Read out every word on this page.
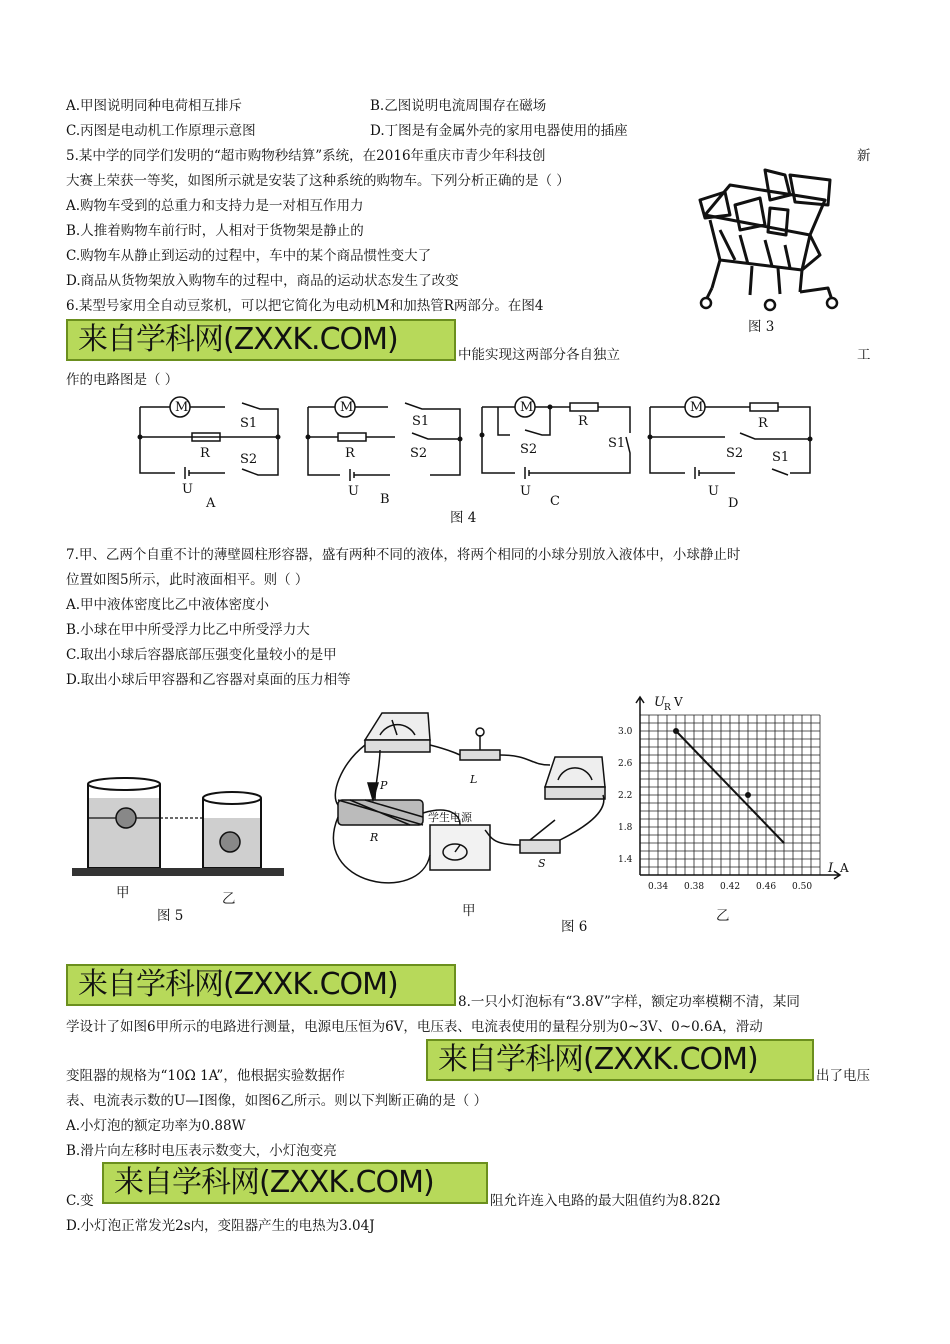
A.甲图说明同种电荷相互排斥	B.乙图说明电流周围存在磁场
C.丙图是电动机工作原理示意图	D.丁图是有金属外壳的家用电器使用的插座
5.某中学的同学们发明的“超市购物秒结算”系统，在2016年重庆市青少年科技创	新
大赛上荣获一等奖，如图所示就是安装了这种系统的购物车。下列分析正确的是（ ）
A.购物车受到的总重力和支持力是一对相互作用力
B.人推着购物车前行时，人相对于货物架是静止的
C.购物车从静止到运动的过程中，车中的某个商品惯性变大了
D.商品从货物架放入购物车的过程中，商品的运动状态发生了改变
图 3
6.某型号家用全自动豆浆机，可以把它简化为电动机M和加热管R两部分。在图4
来自学科网(ZXXK.COM)	中能实现这两部分各自独立	工
作的电路图是（ ）
M
S1
R S2
U
A
M
S1
R	S2
U
B
M
R
S2	S1
U
C
M
R
S2 S1
U
D
图 4
7.甲、乙两个自重不计的薄壁圆柱形容器，盛有两种不同的液体，将两个相同的小球分别放入液体中，小球静止时
位置如图5所示，此时液面相平。则（ ）
A.甲中液体密度比乙中液体密度小
B.小球在甲中所受浮力比乙中所受浮力大
C.取出小球后容器底部压强变化量较小的是甲
D.取出小球后甲容器和乙容器对桌面的压力相等
甲	乙
图 5
P
R
L
S
学生电源
甲
图 6
0.34 0.38 0.42 0.46 0.50
1.4
1.8
2.2
2.6
3.0
U R V
I A
乙
来自学科网(ZXXK.COM)	8.一只小灯泡标有“3.8V”字样，额定功率模糊不清，某同
学设计了如图6甲所示的电路进行测量，电源电压恒为6V，电压表、电流表使用的量程分别为0~3V、0~0.6A，滑动
变阻器的规格为“10Ω 1A”，他根据实验数据作	来自学科网(ZXXK.COM)	出了电压
表、电流表示数的U—I图像，如图6乙所示。则以下判断正确的是（ ）
A.小灯泡的额定功率为0.88W
B.滑片向左移时电压表示数变大，小灯泡变亮
C.变
来自学科网(ZXXK.COM)
阻允许连入电路的最大阻值约为8.82Ω
D.小灯泡正常发光2s内，变阻器产生的电热为3.04J
